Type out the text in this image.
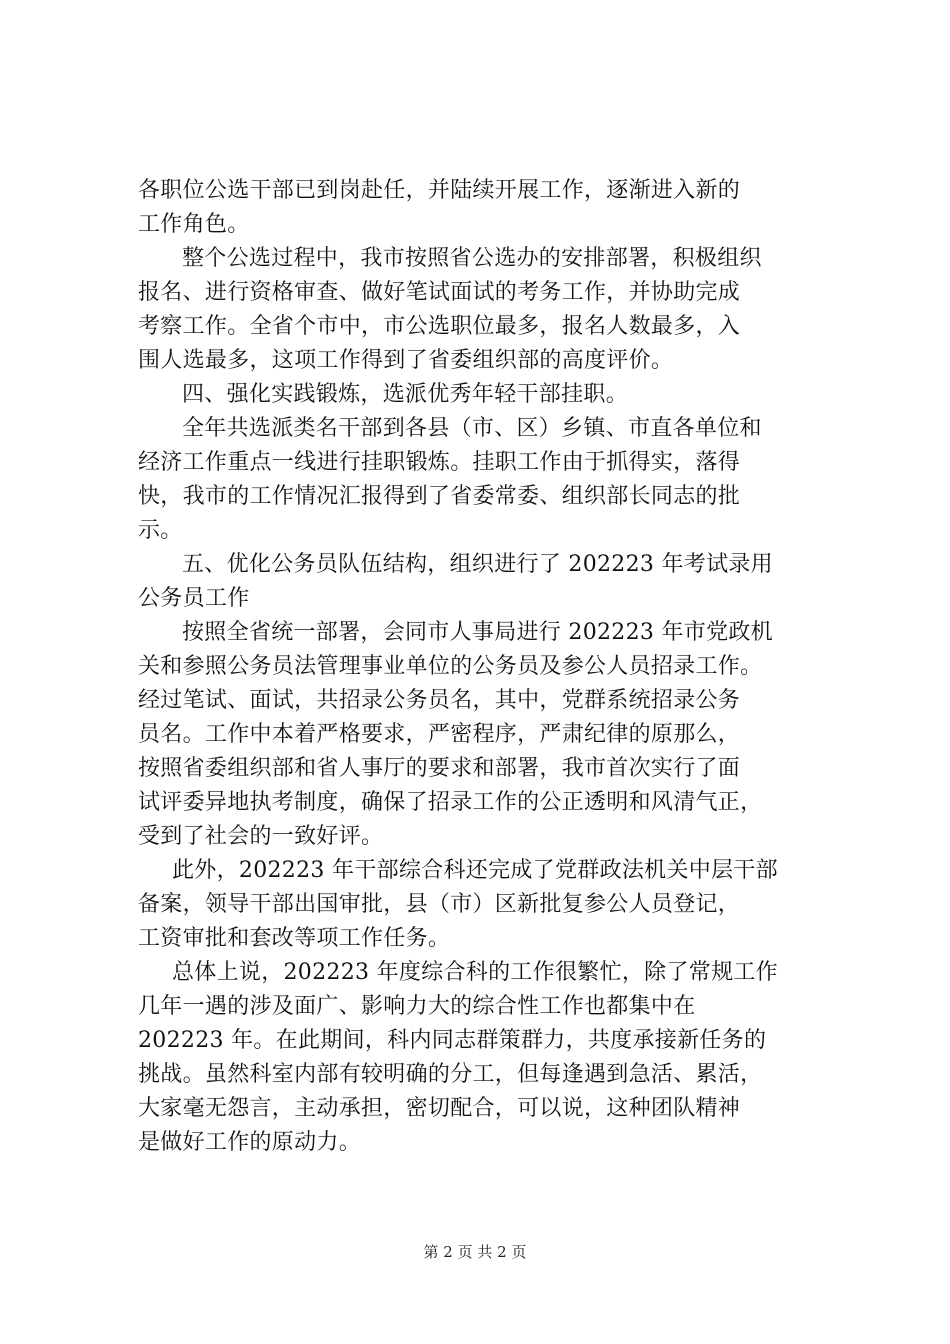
各职位公选干部已到岗赴任，并陆续开展工作，逐渐进入新的
工作角色。
整个公选过程中，我市按照省公选办的安排部署，积极组织
报名、进行资格审查、做好笔试面试的考务工作，并协助完成
考察工作。全省个市中，市公选职位最多，报名人数最多，入
围人选最多，这项工作得到了省委组织部的高度评价。
四、强化实践锻炼，选派优秀年轻干部挂职。
全年共选派类名干部到各县（市、区）乡镇、市直各单位和
经济工作重点一线进行挂职锻炼。挂职工作由于抓得实，落得
快，我市的工作情况汇报得到了省委常委、组织部长同志的批
示。
五、优化公务员队伍结构，组织进行了 202223 年考试录用
公务员工作
按照全省统一部署，会同市人事局进行 202223 年市党政机
关和参照公务员法管理事业单位的公务员及参公人员招录工作。
经过笔试、面试，共招录公务员名，其中，党群系统招录公务
员名。工作中本着严格要求，严密程序，严肃纪律的原那么，
按照省委组织部和省人事厅的要求和部署，我市首次实行了面
试评委异地执考制度，确保了招录工作的公正透明和风清气正，
受到了社会的一致好评。
此外，202223 年干部综合科还完成了党群政法机关中层干部
备案，领导干部出国审批，县（市）区新批复参公人员登记，
工资审批和套改等项工作任务。
总体上说，202223 年度综合科的工作很繁忙，除了常规工作
几年一遇的涉及面广、影响力大的综合性工作也都集中在
202223 年。在此期间，科内同志群策群力，共度承接新任务的
挑战。虽然科室内部有较明确的分工，但每逢遇到急活、累活，
大家毫无怨言，主动承担，密切配合，可以说，这种团队精神
是做好工作的原动力。
第 2 页 共 2 页
